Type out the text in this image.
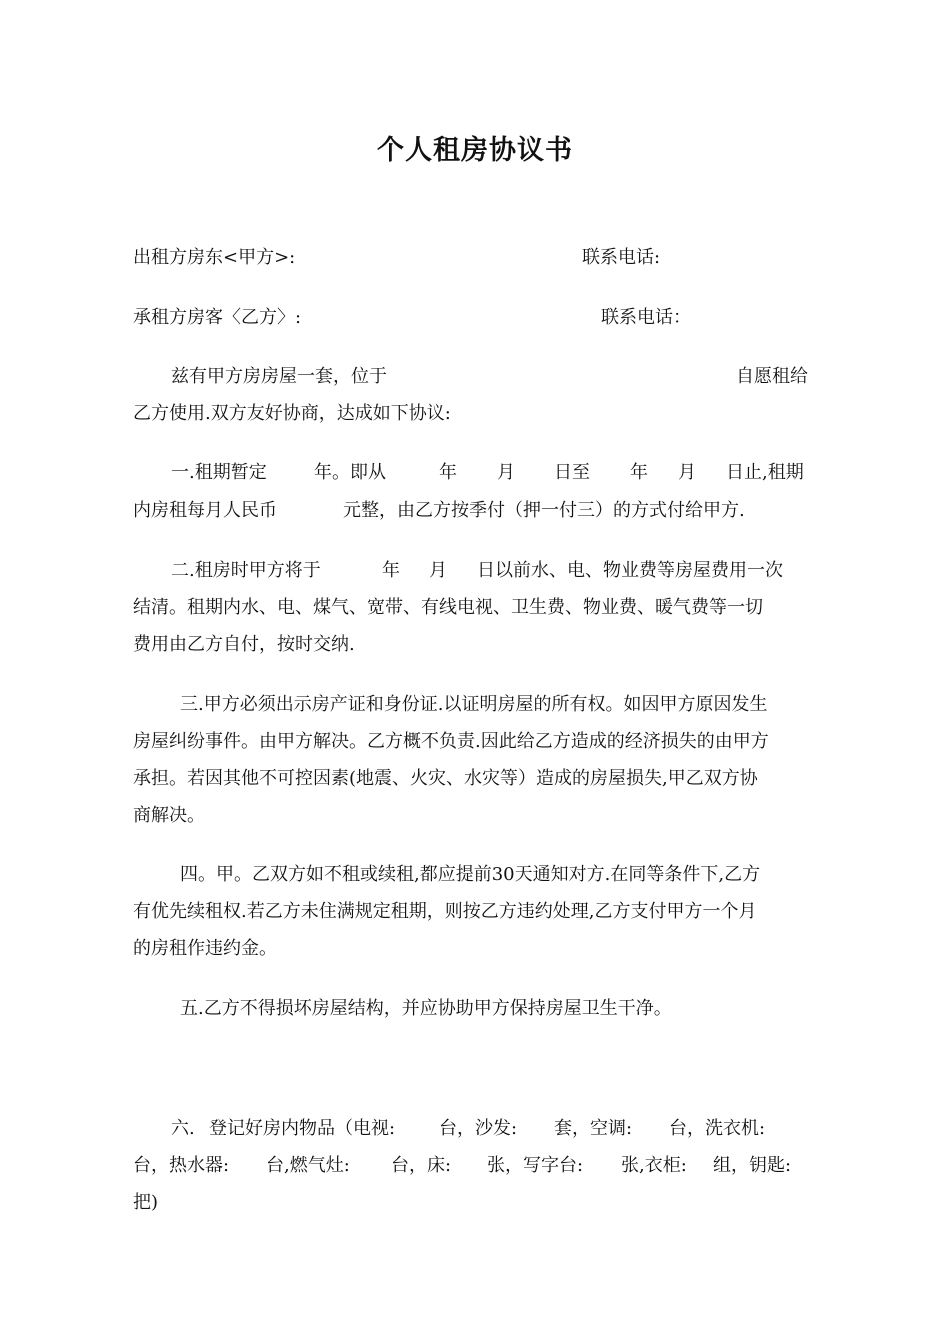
个人租房协议书
出租方房东<甲方>:	联系电话:
承租方房客〈乙方〉:	联系电话：
兹有甲方房房屋一套，位于	自愿租给
乙方使用.双方友好协商，达成如下协议:
一.租期暂定	年。即从	年 月 日至 年 月 日止,租期
内房租每月人民币	元整，由乙方按季付（押一付三）的方式付给甲方.
二.租房时甲方将于	年 月 日以前水、电、物业费等房屋费用一次
结清。租期内水、电、煤气、宽带、有线电视、卫生费、物业费、暖气费等一切
费用由乙方自付，按时交纳.
三.甲方必须出示房产证和身份证.以证明房屋的所有权。如因甲方原因发生
房屋纠纷事件。由甲方解决。乙方概不负责.因此给乙方造成的经济损失的由甲方
承担。若因其他不可控因素(地震、火灾、水灾等）造成的房屋损失,甲乙双方协
商解决。
四。甲。乙双方如不租或续租,都应提前30天通知对方.在同等条件下,乙方
有优先续租权.若乙方未住满规定租期，则按乙方违约处理,乙方支付甲方一个月
的房租作违约金。
五.乙方不得损坏房屋结构，并应协助甲方保持房屋卫生干净。
六. 登记好房内物品（电视: 台，沙发: 套，空调: 台，洗衣机:
台，热水器: 台,燃气灶: 台，床: 张，写字台: 张,衣柜: 组，钥匙:
把)
